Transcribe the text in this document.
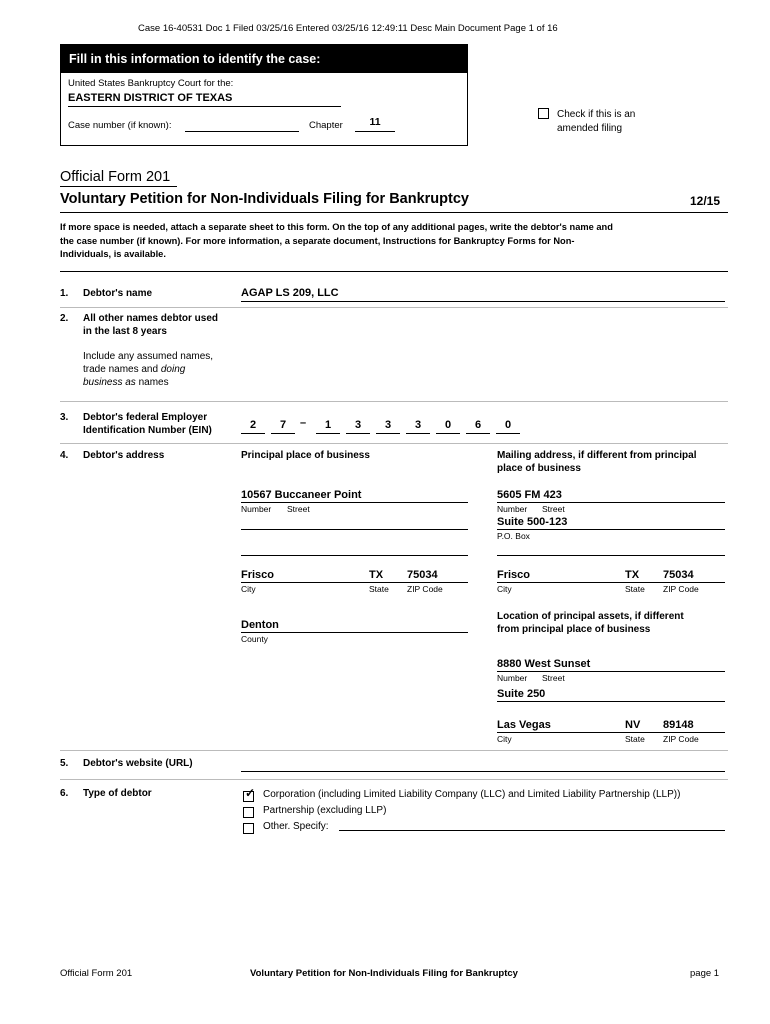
Case 16-40531 Doc 1 Filed 03/25/16 Entered 03/25/16 12:49:11 Desc Main Document Page 1 of 16
Fill in this information to identify the case:
United States Bankruptcy Court for the:
EASTERN DISTRICT OF TEXAS
Case number (if known):	Chapter	11
Check if this is an
amended filing
Official Form 201
Voluntary Petition for Non-Individuals Filing for Bankruptcy	12/15
If more space is needed, attach a separate sheet to this form. On the top of any additional pages, write the debtor's name and
the case number (if known). For more information, a separate document, Instructions for Bankruptcy Forms for Non-
Individuals, is available.
1. Debtor's name	AGAP LS 209, LLC
2. All other names debtor used
in the last 8 years
Include any assumed names,
trade names and doing
business as names
3. Debtor's federal Employer
Identification Number (EIN)	2	7	1	3	3	3	0	6	0
–
4. Debtor's address	Principal place of business	Mailing address, if different from principal
place of business
10567 Buccaneer Point
Number Street
Frisco	TX 75034
City	State ZIP Code
Denton
County
5605 FM 423
Number Street
Suite 500-123
P.O. Box
Frisco	TX 75034
City	State ZIP Code
Location of principal assets, if different
from principal place of business
8880 West Sunset
Number Street
Suite 250
Las Vegas	NV 89148
City	State ZIP Code
5. Debtor's website (URL)
6. Type of debtor	✓ Corporation (including Limited Liability Company (LLC) and Limited Liability Partnership (LLP))
Partnership (excluding LLP)
Other. Specify:
Official Form 201	Voluntary Petition for Non-Individuals Filing for Bankruptcy	page 1
